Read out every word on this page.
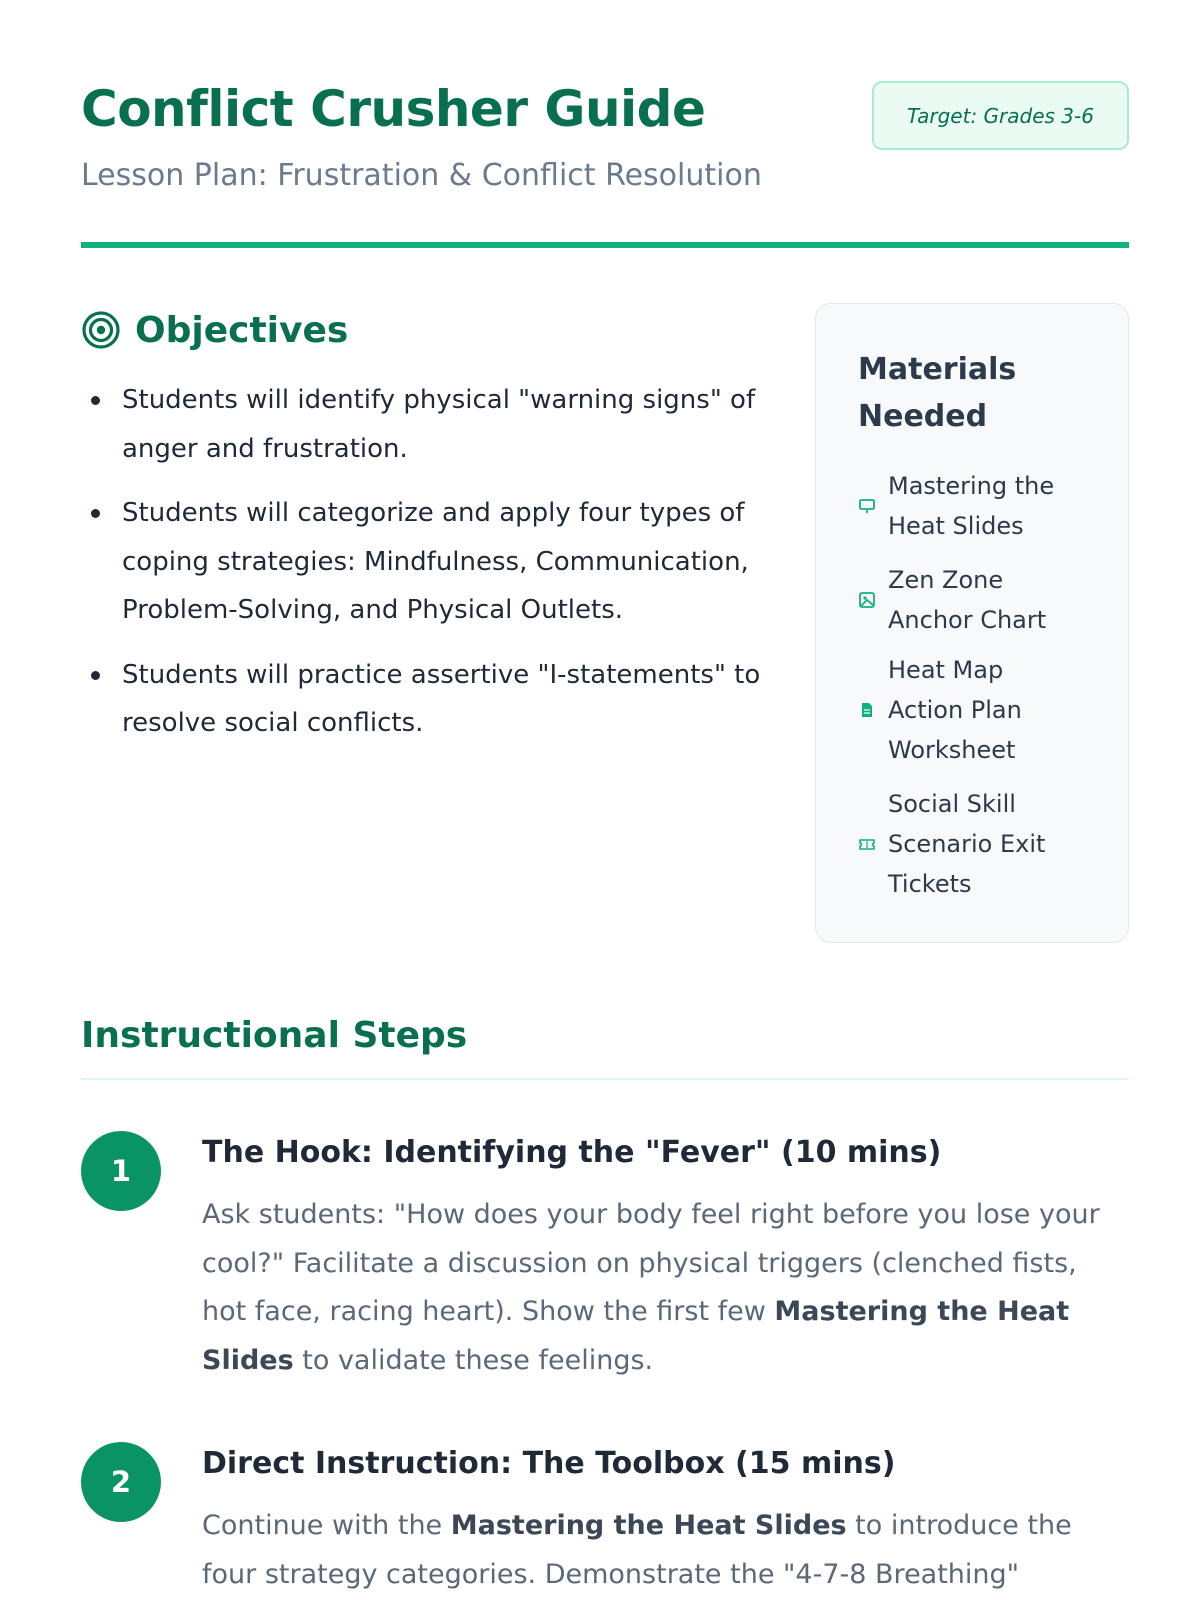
Conflict Crusher Guide	Target: Grades 3-6

Lesson Plan: Frustration & Conflict Resolution

Objectives
Students will identify physical "warning signs" of anger and frustration.
Students will categorize and apply four types of coping strategies: Mindfulness, Communication, Problem-Solving, and Physical Outlets.
Students will practice assertive "I-statements" to resolve social conflicts.
Materials Needed
Mastering the Heat Slides
Zen Zone Anchor Chart
Heat Map Action Plan Worksheet
Social Skill Scenario Exit Tickets
Instructional Steps
1
The Hook: Identifying the "Fever" (10 mins)

Ask students: "How does your body feel right before you lose your cool?" Facilitate a discussion on physical triggers (clenched fists, hot face, racing heart). Show the first few Mastering the Heat Slides to validate these feelings.

2
Direct Instruction: The Toolbox (15 mins)

Continue with the Mastering the Heat Slides to introduce the four strategy categories. Demonstrate the "4-7-8 Breathing"
